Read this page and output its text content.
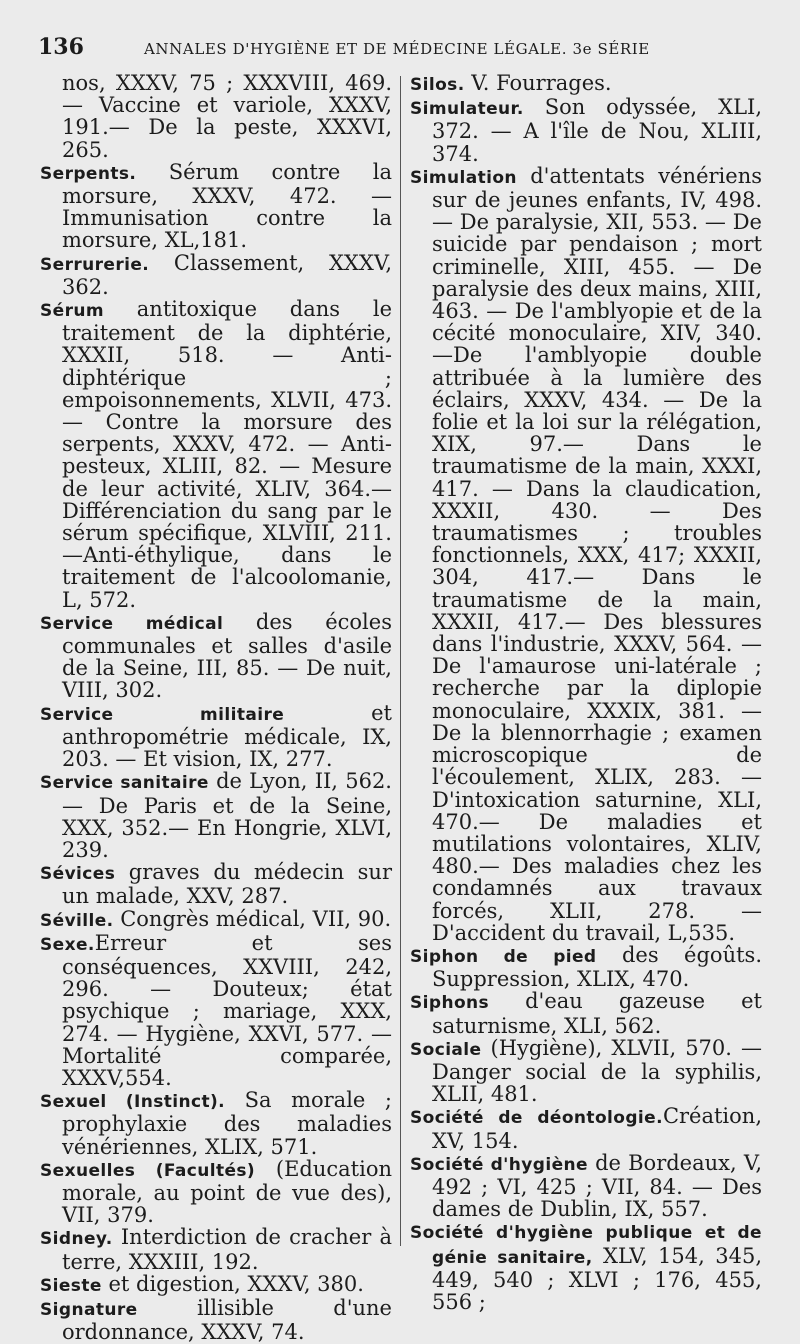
136	ANNALES D'HYGIÈNE ET DE MÉDECINE LÉGALE. 3e SÉRIE

nos, XXXV, 75 ; XXXVIII, 469. — Vaccine et variole, XXXV, 191.— De la peste, XXXVI, 265.

Serpents. Sérum contre la morsure, XXXV, 472. — Immunisation contre la morsure, XL,181.

Serrurerie. Classement, XXXV, 362.

Sérum antitoxique dans le traitement de la diphtérie, XXXII, 518. — Anti-diphtérique ; empoisonnements, XLVII, 473. — Contre la morsure des serpents, XXXV, 472. — Anti-pesteux, XLIII, 82. — Mesure de leur activité, XLIV, 364.— Différenciation du sang par le sérum spécifique, XLVIII, 211. —Anti-éthylique, dans le traitement de l'alcoolomanie, L, 572.

Service médical des écoles communales et salles d'asile de la Seine, III, 85. — De nuit, VIII, 302.

Service militaire et anthropométrie médicale, IX, 203. — Et vision, IX, 277.

Service sanitaire de Lyon, II, 562. — De Paris et de la Seine, XXX, 352.— En Hongrie, XLVI, 239.

Sévices graves du médecin sur un malade, XXV, 287.

Séville. Congrès médical, VII, 90.

Sexe.Erreur et ses conséquences, XXVIII, 242, 296. — Douteux; état psychique ; mariage, XXX, 274. — Hygiène, XXVI, 577. — Mortalité comparée, XXXV,554.

Sexuel (Instinct). Sa morale ; prophylaxie des maladies vénériennes, XLIX, 571.

Sexuelles (Facultés) (Education morale, au point de vue des), VII, 379.

Sidney. Interdiction de cracher à terre, XXXIII, 192.

Sieste et digestion, XXXV, 380.

Signature illisible d'une ordonnance, XXXV, 74.

Silos. V. Fourrages.

Simulateur. Son odyssée, XLI, 372. — A l'île de Nou, XLIII, 374.

Simulation d'attentats vénériens sur de jeunes enfants, IV, 498. — De paralysie, XII, 553. — De suicide par pendaison ; mort criminelle, XIII, 455. — De paralysie des deux mains, XIII, 463. — De l'amblyopie et de la cécité monoculaire, XIV, 340. —De l'amblyopie double attribuée à la lumière des éclairs, XXXV, 434. — De la folie et la loi sur la rélégation, XIX, 97.— Dans le traumatisme de la main, XXXI, 417. — Dans la claudication, XXXII, 430. — Des traumatismes ; troubles fonctionnels, XXX, 417; XXXII, 304, 417.— Dans le traumatisme de la main, XXXII, 417.— Des blessures dans l'industrie, XXXV, 564. — De l'amaurose uni-latérale ; recherche par la diplopie monoculaire, XXXIX, 381. — De la blennorrhagie ; examen microscopique de l'écoulement, XLIX, 283. — D'intoxication saturnine, XLI, 470.— De maladies et mutilations volontaires, XLIV, 480.— Des maladies chez les condamnés aux travaux forcés, XLII, 278. — D'accident du travail, L,535.

Siphon de pied des égoûts. Suppression, XLIX, 470.

Siphons d'eau gazeuse et saturnisme, XLI, 562.

Sociale (Hygiène), XLVII, 570. — Danger social de la syphilis, XLII, 481.

Société de déontologie.Création, XV, 154.

Société d'hygiène de Bordeaux, V, 492 ; VI, 425 ; VII, 84. — Des dames de Dublin, IX, 557.

Société d'hygiène publique et de génie sanitaire, XLV, 154, 345, 449, 540 ; XLVI ; 176, 455, 556 ;
